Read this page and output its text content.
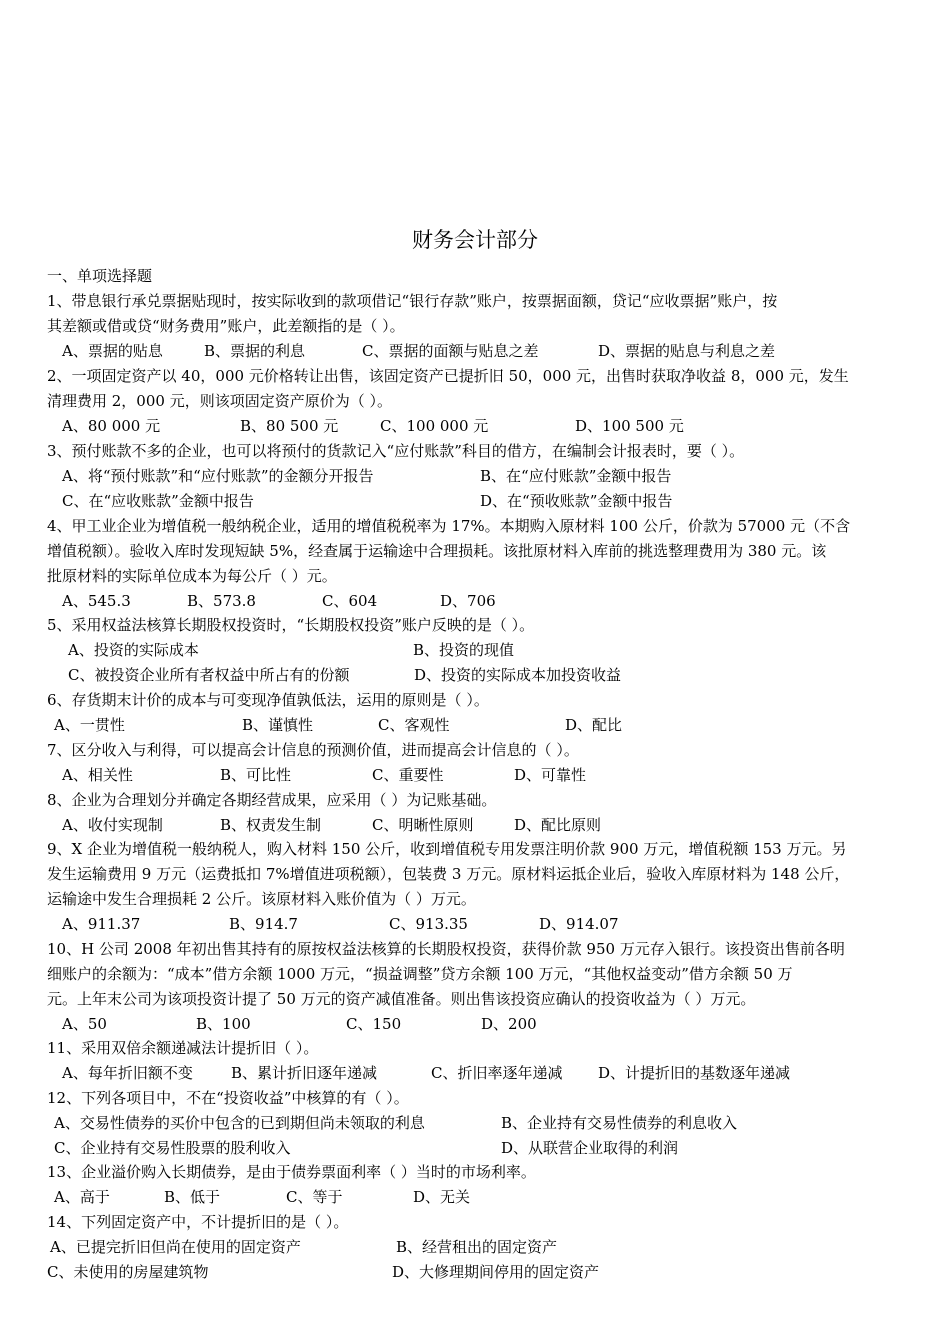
财务会计部分
一、单项选择题
1、带息银行承兑票据贴现时，按实际收到的款项借记“银行存款”账户，按票据面额，贷记“应收票据”账户，按
其差额或借或贷“财务费用”账户，此差额指的是（ ）。
A、票据的贴息	B、票据的利息	C、票据的面额与贴息之差	D、票据的贴息与利息之差
2、一项固定资产以 40，000 元价格转让出售，该固定资产已提折旧 50，000 元，出售时获取净收益 8，000 元，发生
清理费用 2，000 元，则该项固定资产原价为（ ）。
A、80 000 元	B、80 500 元	C、100 000 元	D、100 500 元
3、预付账款不多的企业，也可以将预付的货款记入“应付账款”科目的借方，在编制会计报表时，要（ ）。
A、将“预付账款”和“应付账款”的金额分开报告	B、在“应付账款”金额中报告
C、在“应收账款”金额中报告	D、在“预收账款”金额中报告
4、甲工业企业为增值税一般纳税企业，适用的增值税税率为 17%。本期购入原材料 100 公斤，价款为 57000 元（不含
增值税额）。验收入库时发现短缺 5%，经查属于运输途中合理损耗。该批原材料入库前的挑选整理费用为 380 元。该
批原材料的实际单位成本为每公斤（ ）元。
A、545.3	B、573.8	C、604	D、706
5、采用权益法核算长期股权投资时，“长期股权投资”账户反映的是（ ）。
A、投资的实际成本	B、投资的现值
C、被投资企业所有者权益中所占有的份额	D、投资的实际成本加投资收益
6、存货期末计价的成本与可变现净值孰低法，运用的原则是（ ）。
A、一贯性	B、谨慎性	C、客观性	D、配比
7、区分收入与利得，可以提高会计信息的预测价值，进而提高会计信息的（ ）。
A、相关性	B、可比性	C、重要性	D、可靠性
8、企业为合理划分并确定各期经营成果，应采用（ ）为记账基础。
A、收付实现制	B、权责发生制	C、明晰性原则	D、配比原则
9、X 企业为增值税一般纳税人，购入材料 150 公斤，收到增值税专用发票注明价款 900 万元，增值税额 153 万元。另
发生运输费用 9 万元（运费抵扣 7%增值进项税额），包装费 3 万元。原材料运抵企业后，验收入库原材料为 148 公斤，
运输途中发生合理损耗 2 公斤。该原材料入账价值为（ ）万元。
A、911.37	B、914.7	C、913.35	D、914.07
10、H 公司 2008 年初出售其持有的原按权益法核算的长期股权投资，获得价款 950 万元存入银行。该投资出售前各明
细账户的余额为：“成本”借方余额 1000 万元，“损益调整”贷方余额 100 万元，“其他权益变动”借方余额 50 万
元。上年末公司为该项投资计提了 50 万元的资产减值准备。则出售该投资应确认的投资收益为（ ）万元。
A、50	B、100	C、150	D、200
11、采用双倍余额递减法计提折旧（ ）。
A、每年折旧额不变	B、累计折旧逐年递减	C、折旧率逐年递减 D、计提折旧的基数逐年递减
12、下列各项目中，不在“投资收益”中核算的有（ ）。
A、交易性债券的买价中包含的已到期但尚未领取的利息	B、企业持有交易性债券的利息收入
C、企业持有交易性股票的股利收入	D、从联营企业取得的利润
13、企业溢价购入长期债券，是由于债券票面利率（ ）当时的市场利率。
A、高于	B、低于	C、等于	D、无关
14、下列固定资产中，不计提折旧的是（ ）。
A、已提完折旧但尚在使用的固定资产	B、经营租出的固定资产
C、未使用的房屋建筑物	D、大修理期间停用的固定资产
